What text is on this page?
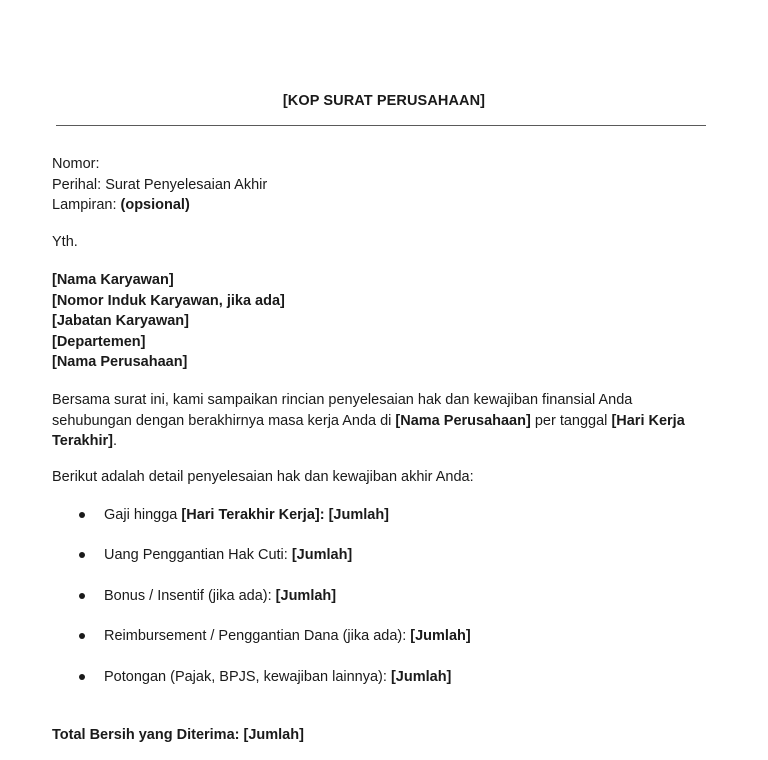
[KOP SURAT PERUSAHAAN]
Nomor:
Perihal: Surat Penyelesaian Akhir
Lampiran: (opsional)
Yth.
[Nama Karyawan]
[Nomor Induk Karyawan, jika ada]
[Jabatan Karyawan]
[Departemen]
[Nama Perusahaan]
Bersama surat ini, kami sampaikan rincian penyelesaian hak dan kewajiban finansial Anda sehubungan dengan berakhirnya masa kerja Anda di [Nama Perusahaan] per tanggal [Hari Kerja Terakhir].
Berikut adalah detail penyelesaian hak dan kewajiban akhir Anda:
Gaji hingga [Hari Terakhir Kerja]: [Jumlah]
Uang Penggantian Hak Cuti: [Jumlah]
Bonus / Insentif (jika ada): [Jumlah]
Reimbursement / Penggantian Dana (jika ada): [Jumlah]
Potongan (Pajak, BPJS, kewajiban lainnya): [Jumlah]
Total Bersih yang Diterima: [Jumlah]
